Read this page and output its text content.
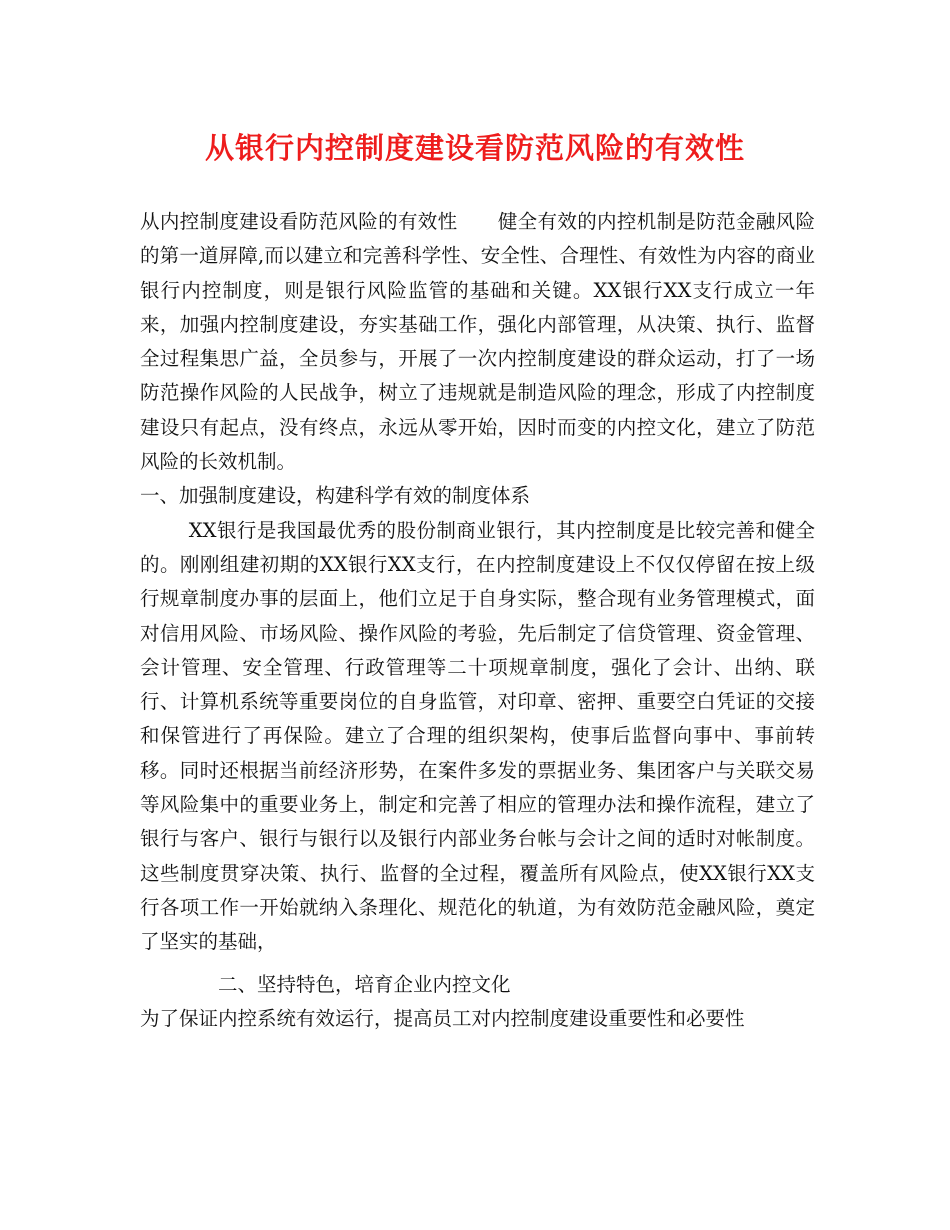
从银行内控制度建设看防范风险的有效性

从内控制度建设看防范风险的有效性 健全有效的内控机制是防范金融风险的第一道屏障,而以建立和完善科学性、安全性、合理性、有效性为内容的商业银行内控制度，则是银行风险监管的基础和关键。XX银行XX支行成立一年来，加强内控制度建设，夯实基础工作，强化内部管理，从决策、执行、监督全过程集思广益，全员参与，开展了一次内控制度建设的群众运动，打了一场防范操作风险的人民战争，树立了违规就是制造风险的理念，形成了内控制度建设只有起点，没有终点，永远从零开始，因时而变的内控文化，建立了防范风险的长效机制。

一、加强制度建设，构建科学有效的制度体系

XX银行是我国最优秀的股份制商业银行，其内控制度是比较完善和健全的。刚刚组建初期的XX银行XX支行，在内控制度建设上不仅仅停留在按上级行规章制度办事的层面上，他们立足于自身实际，整合现有业务管理模式，面对信用风险、市场风险、操作风险的考验，先后制定了信贷管理、资金管理、会计管理、安全管理、行政管理等二十项规章制度，强化了会计、出纳、联行、计算机系统等重要岗位的自身监管，对印章、密押、重要空白凭证的交接和保管进行了再保险。建立了合理的组织架构，使事后监督向事中、事前转移。同时还根据当前经济形势，在案件多发的票据业务、集团客户与关联交易等风险集中的重要业务上，制定和完善了相应的管理办法和操作流程，建立了银行与客户、银行与银行以及银行内部业务台帐与会计之间的适时对帐制度。这些制度贯穿决策、执行、监督的全过程，覆盖所有风险点，使XX银行XX支行各项工作一开始就纳入条理化、规范化的轨道，为有效防范金融风险，奠定了坚实的基础，

二、坚持特色，培育企业内控文化

为了保证内控系统有效运行，提高员工对内控制度建设重要性和必要性
